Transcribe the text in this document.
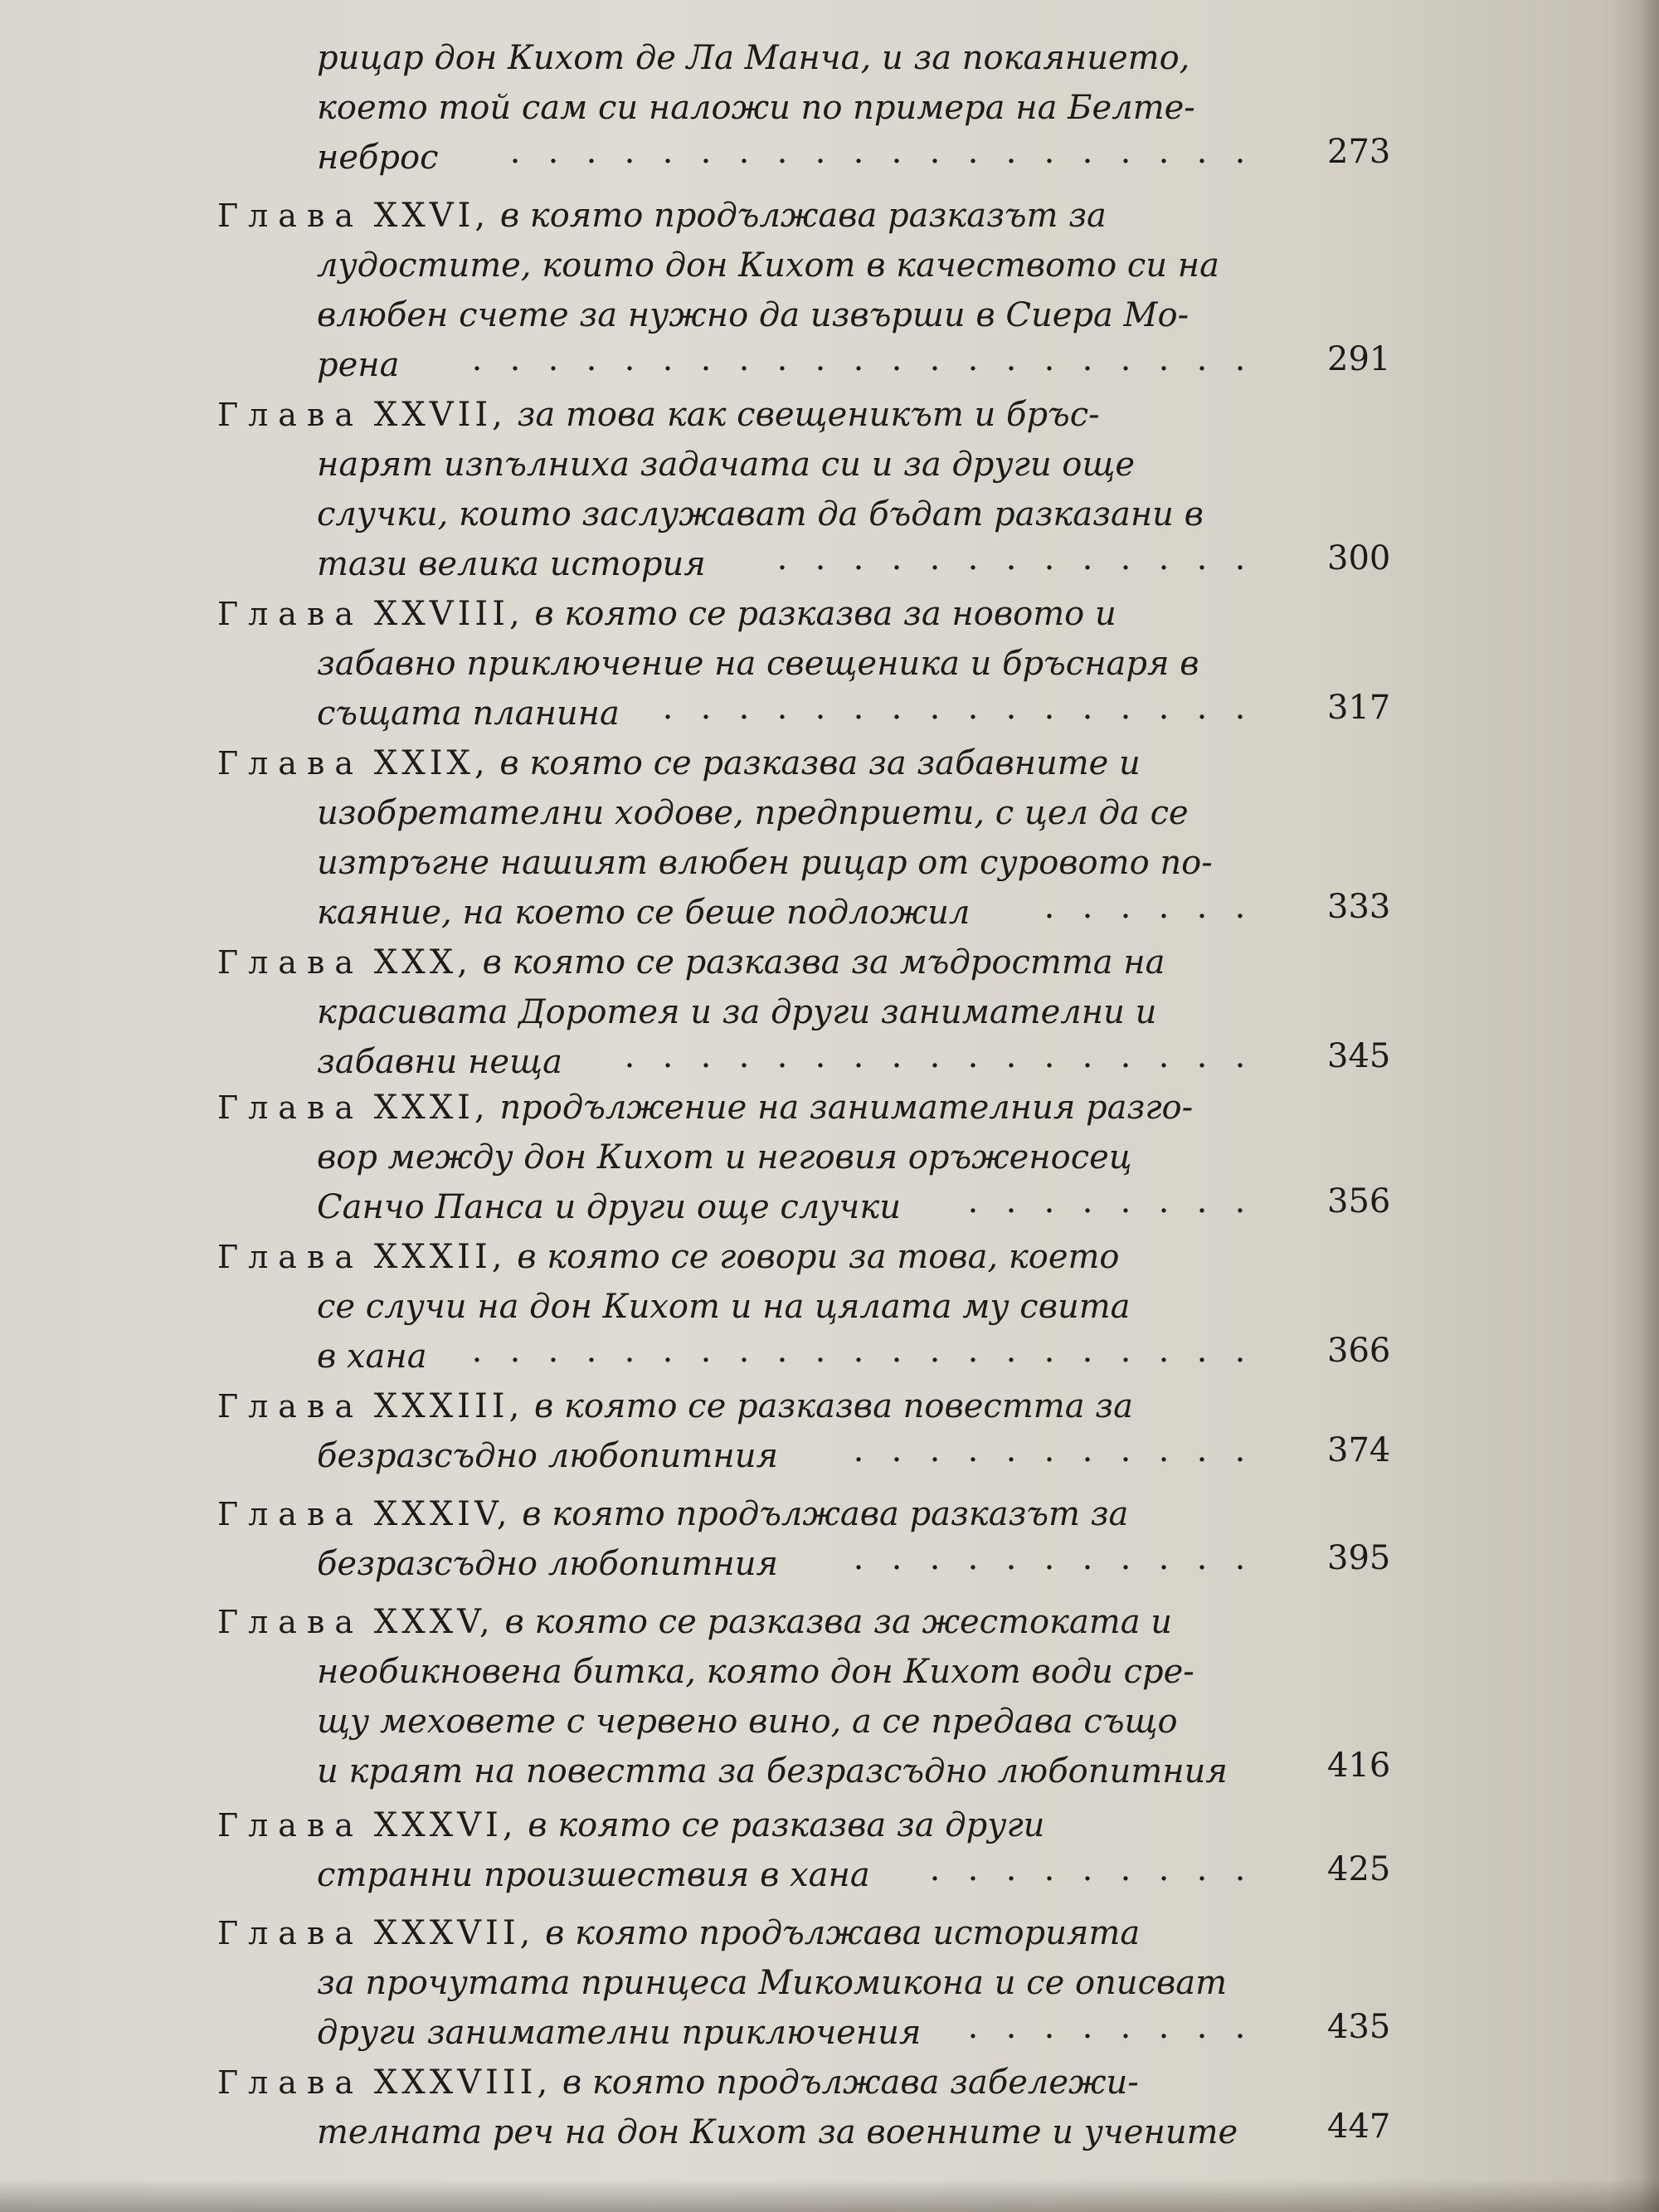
рицар дон Кихот де Ла Манча, и за покаянието,
което той сам си наложи по примера на Белте-
неброс	. . . . . . . . . . . . . . . . . . . .	273
Глава XXVI, в която продължава разказът за
лудостите, които дон Кихот в качеството си на
влюбен счете за нужно да извърши в Сиера Мо-
рена	. . . . . . . . . . . . . . . . . . . . .	291
Глава XXVII, за това как свещеникът и бръс-
нарят изпълниха задачата си и за други още
случки, които заслужават да бъдат разказани в
тази велика история	. . . . . . . . . . . . .	300
Глава XXVIII, в която се разказва за новото и
забавно приключение на свещеника и бръснаря в
същата планина	. . . . . . . . . . . . . . . .	317
Глава XXIX, в която се разказва за забавните и
изобретателни ходове, предприети, с цел да се
изтръгне нашият влюбен рицар от суровото по-
каяние, на което се беше подложил	. . . . . .	333
Глава XXX, в която се разказва за мъдростта на
красивата Доротея и за други занимателни и
забавни неща	. . . . . . . . . . . . . . . . .	345
Глава XXXI, продължение на занимателния разго-
вор между дон Кихот и неговия оръженосец
Санчо Панса и други още случки	. . . . . . . .	356
Глава XXXII, в която се говори за това, което
се случи на дон Кихот и на цялата му свита
в хана	. . . . . . . . . . . . . . . . . . . . .	366
Глава XXXIII, в която се разказва повестта за
безразсъдно любопитния	. . . . . . . . . . .	374
Глава XXXIV, в която продължава разказът за
безразсъдно любопитния	. . . . . . . . . . .	395
Глава XXXV, в която се разказва за жестоката и
необикновена битка, която дон Кихот води сре-
щу меховете с червено вино, а се предава също
и краят на повестта за безразсъдно любопитния	416
Глава XXXVI, в която се разказва за други
странни произшествия в хана	. . . . . . . . .	425
Глава XXXVII, в която продължава историята
за прочутата принцеса Микомикона и се описват
други занимателни приключения	. . . . . . . .	435
Глава XXXVIII, в която продължава забележи-
телната реч на дон Кихот за военните и учените	447
